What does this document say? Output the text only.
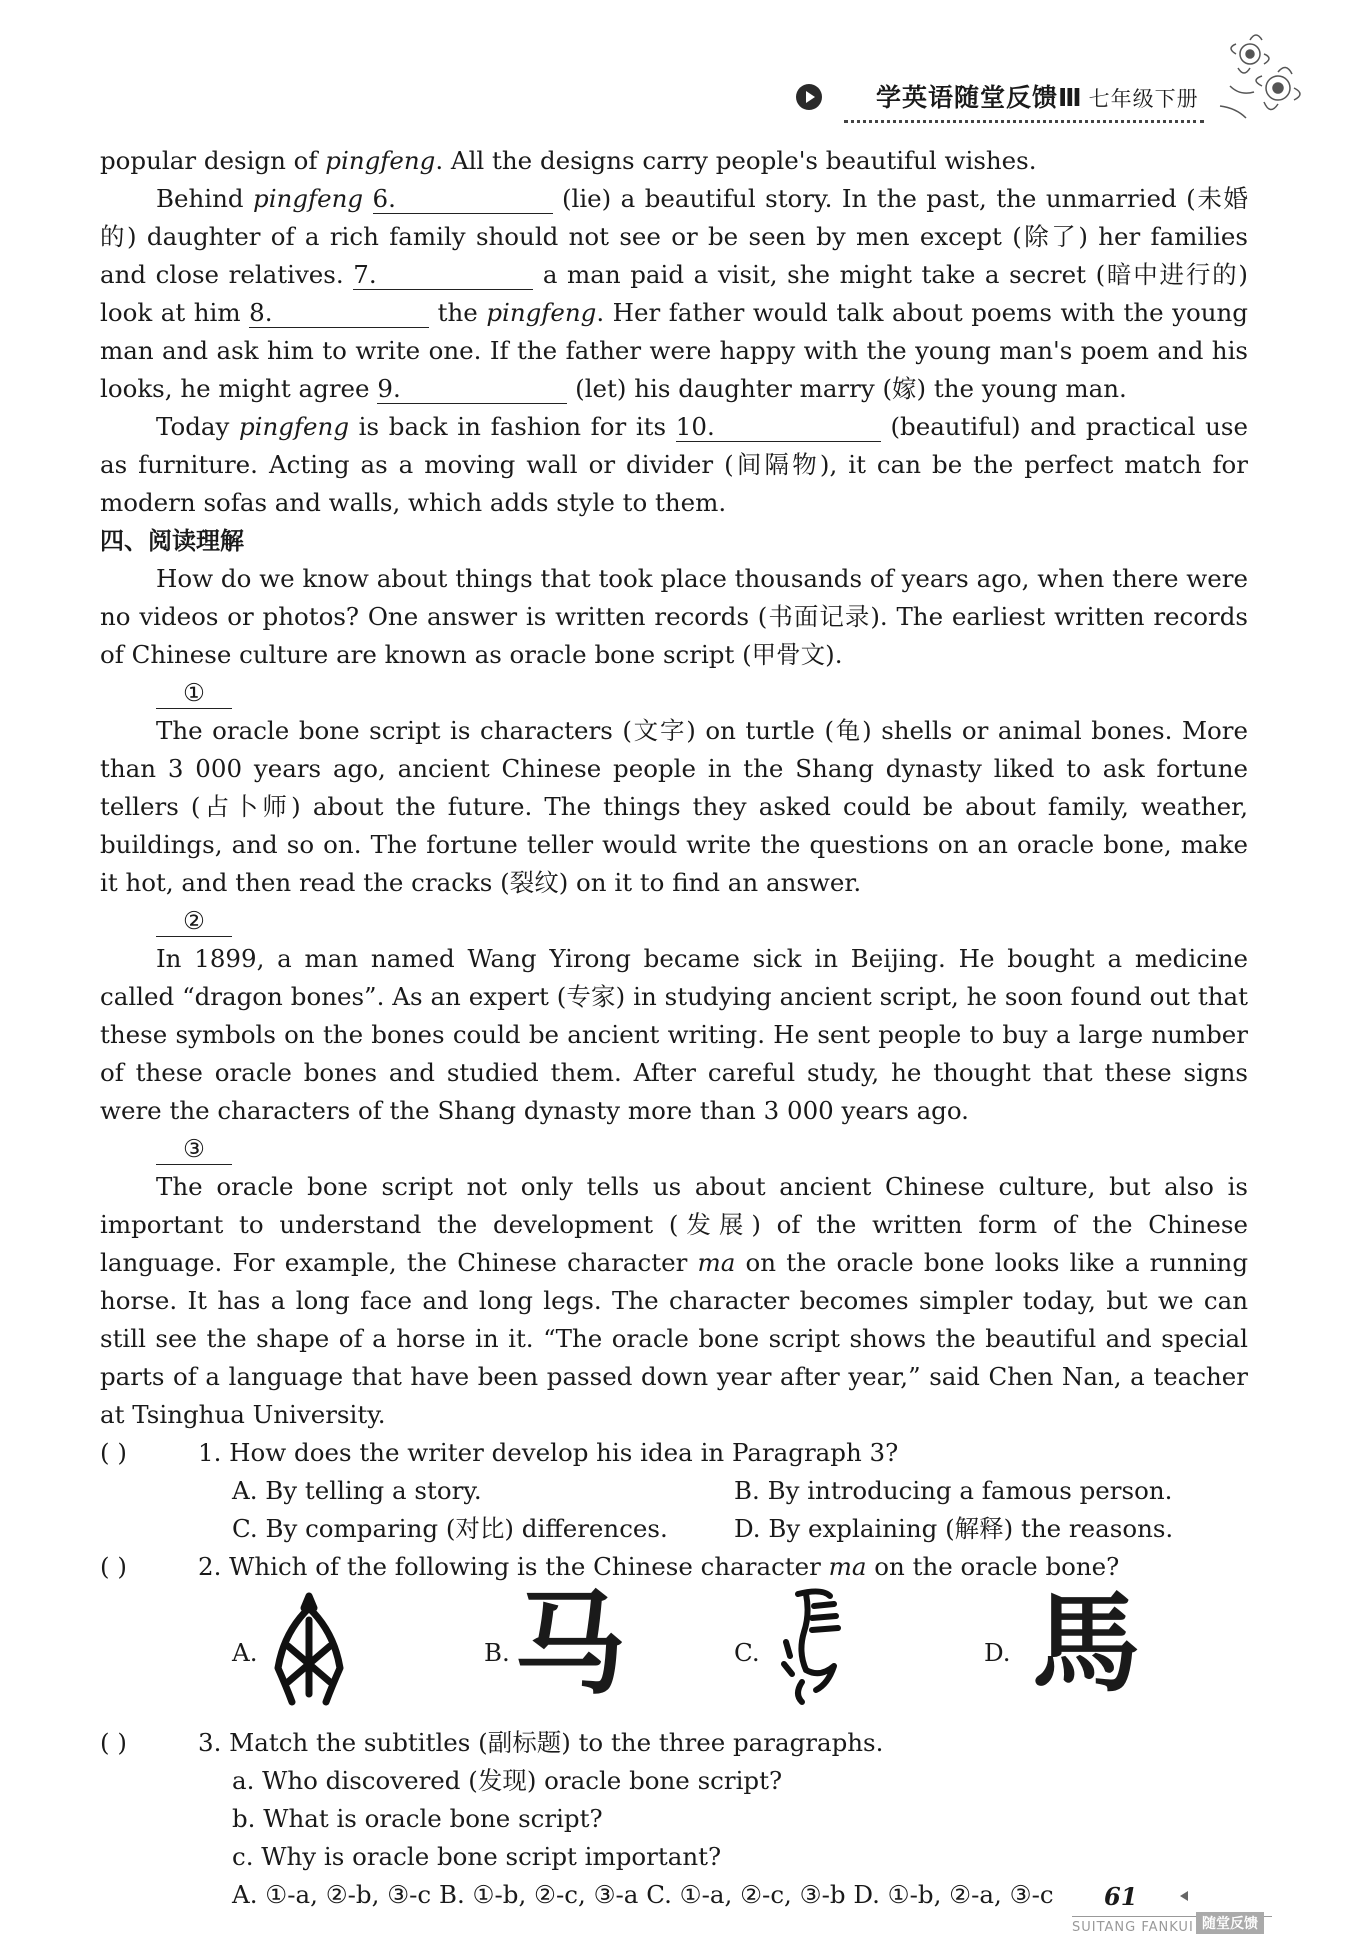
学英语随堂反馈Ⅲ 七年级下册

popular design of pingfeng. All the designs carry people's beautiful wishes.

Behind pingfeng 6.	(lie) a beautiful story. In the past, the unmarried (未婚的) daughter of a rich family should not see or be seen by men except (除了) her families and close relatives. 7.	a man paid a visit, she might take a secret (暗中进行的) look at him 8.	the pingfeng. Her father would talk about poems with the young man and ask him to write one. If the father were happy with the young man's poem and his looks, he might agree 9.	(let) his daughter marry (嫁) the young man.

Today pingfeng is back in fashion for its 10.	(beautiful) and practical use as furniture. Acting as a moving wall or divider (间隔物), it can be the perfect match for modern sofas and walls, which adds style to them.

四、阅读理解

How do we know about things that took place thousands of years ago, when there were no videos or photos? One answer is written records (书面记录). The earliest written records of Chinese culture are known as oracle bone script (甲骨文).

①

The oracle bone script is characters (文字) on turtle (龟) shells or animal bones. More than 3 000 years ago, ancient Chinese people in the Shang dynasty liked to ask fortune tellers (占卜师) about the future. The things they asked could be about family, weather, buildings, and so on. The fortune teller would write the questions on an oracle bone, make it hot, and then read the cracks (裂纹) on it to find an answer.

②

In 1899, a man named Wang Yirong became sick in Beijing. He bought a medicine called “dragon bones”. As an expert (专家) in studying ancient script, he soon found out that these symbols on the bones could be ancient writing. He sent people to buy a large number of these oracle bones and studied them. After careful study, he thought that these signs were the characters of the Shang dynasty more than 3 000 years ago.

③

The oracle bone script not only tells us about ancient Chinese culture, but also is important to understand the development (发展) of the written form of the Chinese language. For example, the Chinese character ma on the oracle bone looks like a running horse. It has a long face and long legs. The character becomes simpler today, but we can still see the shape of a horse in it. “The oracle bone script shows the beautiful and special parts of a language that have been passed down year after year,” said Chen Nan, a teacher at Tsinghua University.

( )	1. How does the writer develop his idea in Paragraph 3?
A. By telling a story.	B. By introducing a famous person.
C. By comparing (对比) differences.	D. By explaining (解释) the reasons.
( )	2. Which of the following is the Chinese character ma on the oracle bone?
A.	B. 马	C.	D. 馬
( )	3. Match the subtitles (副标题) to the three paragraphs.
a. Who discovered (发现) oracle bone script?
b. What is oracle bone script?
c. Why is oracle bone script important?
A. ①-a, ②-b, ③-c B. ①-b, ②-c, ③-a C. ①-a, ②-c, ③-b D. ①-b, ②-a, ③-c 61
SUITANG FANKUI 随堂反馈
